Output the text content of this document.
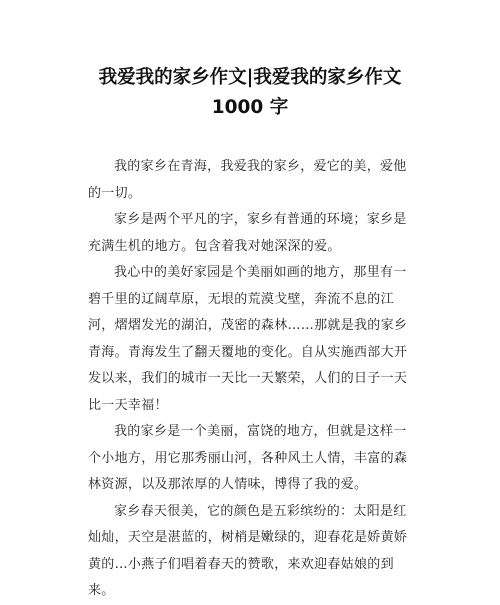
我爱我的家乡作文|我爱我的家乡作文
1000 字

我的家乡在青海，我爱我的家乡，爱它的美，爱他的一切。

家乡是两个平凡的字，家乡有普通的环境；家乡是充满生机的地方。包含着我对她深深的爱。

我心中的美好家园是个美丽如画的地方，那里有一碧千里的辽阔草原，无垠的荒漠戈壁，奔流不息的江河，熠熠发光的湖泊，茂密的森林……那就是我的家乡青海。青海发生了翻天覆地的变化。自从实施西部大开发以来，我们的城市一天比一天繁荣，人们的日子一天比一天幸福！

我的家乡是一个美丽，富饶的地方，但就是这样一个小地方，用它那秀丽山河，各种风土人情，丰富的森林资源，以及那浓厚的人情味，博得了我的爱。

家乡春天很美，它的颜色是五彩缤纷的：太阳是红灿灿，天空是湛蓝的，树梢是嫩绿的，迎春花是娇黄娇黄的…小燕子们唱着春天的赞歌，来欢迎春姑娘的到来。
